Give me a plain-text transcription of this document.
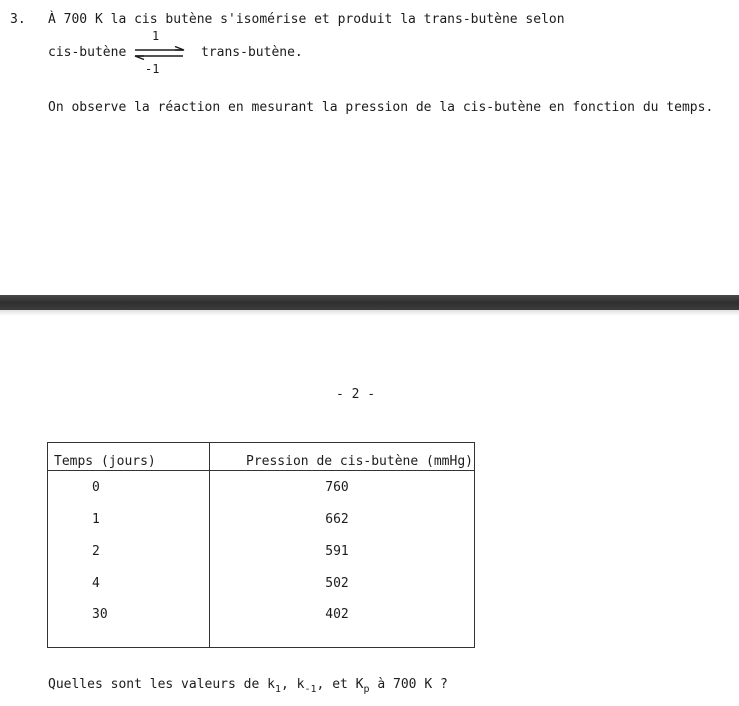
3. À 700 K la cis butène s'isomérise et produit la trans-butène selon
cis-butène
1
-1
trans-butène.
On observe la réaction en mesurant la pression de la cis-butène en fonction du temps.
- 2 -
Temps (jours)	Pression de cis-butène (mmHg)
0	760
1	662
2	591
4	502
30	402
Quelles sont les valeurs de $k_1$, $k_{-1}$, et $K_p$ à 700 K ?
